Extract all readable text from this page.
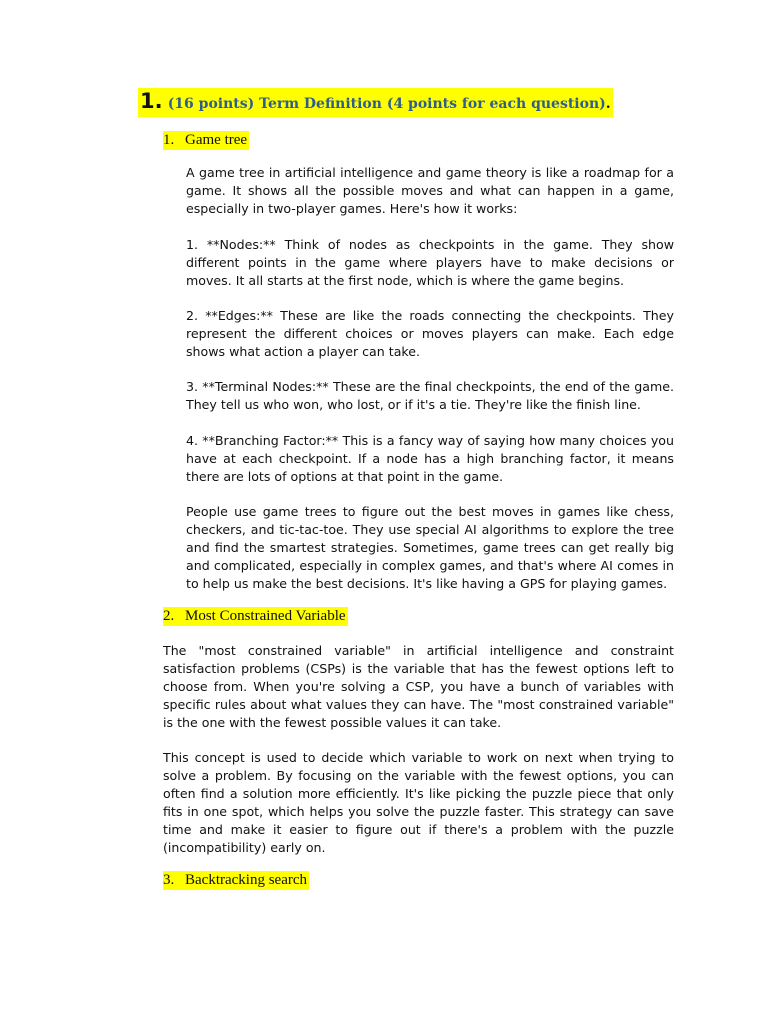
1. (16 points) Term Definition (4 points for each question).
1. Game tree

A game tree in artificial intelligence and game theory is like a roadmap for a game. It shows all the possible moves and what can happen in a game, especially in two-player games. Here's how it works:

1. **Nodes:** Think of nodes as checkpoints in the game. They show different points in the game where players have to make decisions or moves. It all starts at the first node, which is where the game begins.

2. **Edges:** These are like the roads connecting the checkpoints. They represent the different choices or moves players can make. Each edge shows what action a player can take.

3. **Terminal Nodes:** These are the final checkpoints, the end of the game. They tell us who won, who lost, or if it's a tie. They're like the finish line.

4. **Branching Factor:** This is a fancy way of saying how many choices you have at each checkpoint. If a node has a high branching factor, it means there are lots of options at that point in the game.

People use game trees to figure out the best moves in games like chess, checkers, and tic-tac-toe. They use special AI algorithms to explore the tree and find the smartest strategies. Sometimes, game trees can get really big and complicated, especially in complex games, and that's where AI comes in to help us make the best decisions. It's like having a GPS for playing games.

2. Most Constrained Variable

The "most constrained variable" in artificial intelligence and constraint satisfaction problems (CSPs) is the variable that has the fewest options left to choose from. When you're solving a CSP, you have a bunch of variables with specific rules about what values they can have. The "most constrained variable" is the one with the fewest possible values it can take.

This concept is used to decide which variable to work on next when trying to solve a problem. By focusing on the variable with the fewest options, you can often find a solution more efficiently. It's like picking the puzzle piece that only fits in one spot, which helps you solve the puzzle faster. This strategy can save time and make it easier to figure out if there's a problem with the puzzle (incompatibility) early on.

3. Backtracking search
